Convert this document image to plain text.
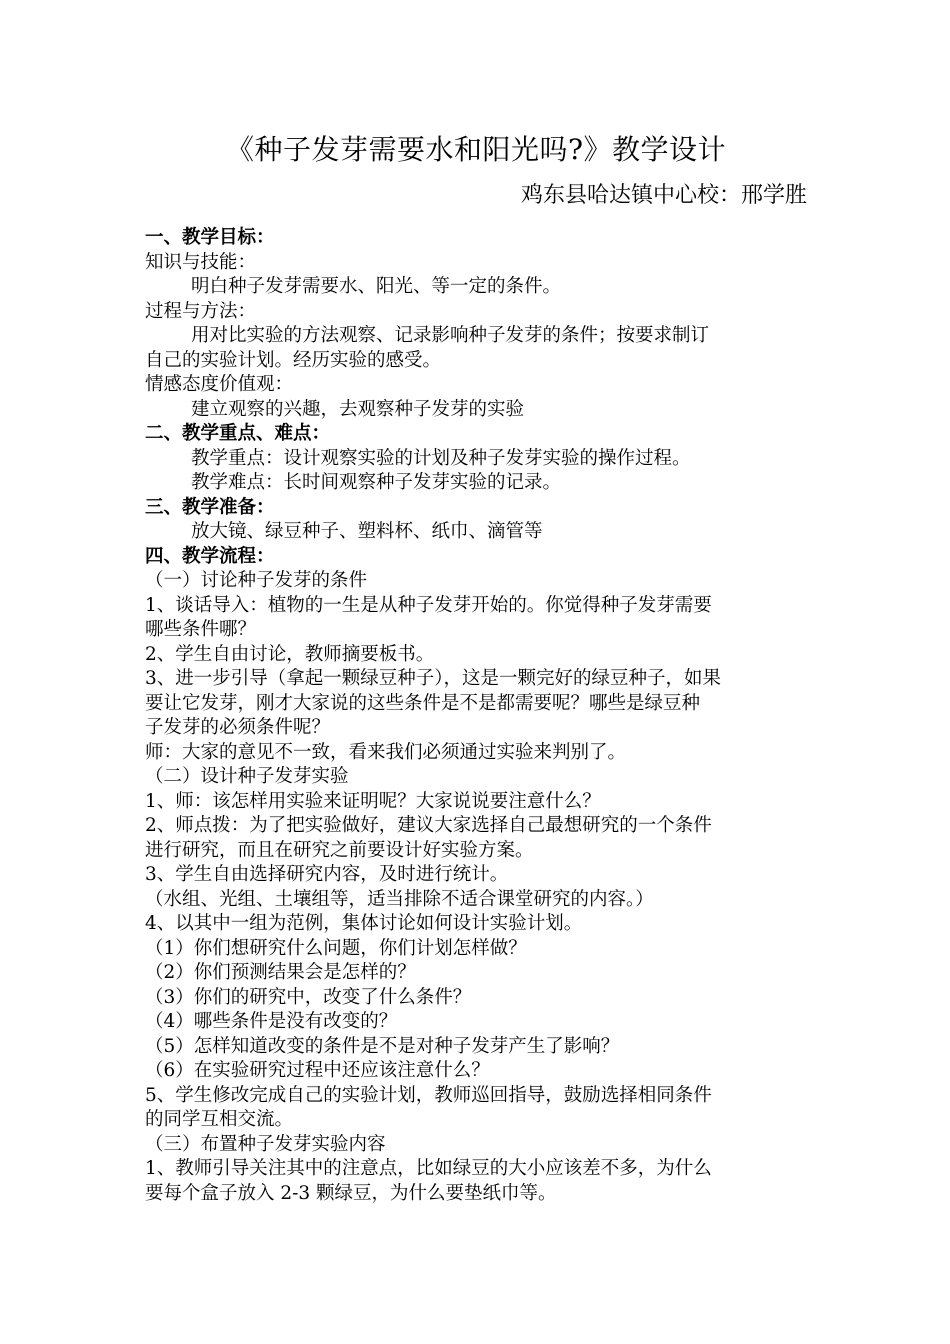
《种子发芽需要水和阳光吗?》教学设计
鸡东县哈达镇中心校：邢学胜
一、教学目标：
知识与技能：
明白种子发芽需要水、阳光、等一定的条件。
过程与方法：
用对比实验的方法观察、记录影响种子发芽的条件；按要求制订
自己的实验计划。经历实验的感受。
情感态度价值观：
建立观察的兴趣，去观察种子发芽的实验
二、教学重点、难点：
教学重点：设计观察实验的计划及种子发芽实验的操作过程。
教学难点：长时间观察种子发芽实验的记录。
三、教学准备：
放大镜、绿豆种子、塑料杯、纸巾、滴管等
四、教学流程：
（一）讨论种子发芽的条件
1、谈话导入：植物的一生是从种子发芽开始的。你觉得种子发芽需要
哪些条件哪？
2、学生自由讨论，教师摘要板书。
3、进一步引导（拿起一颗绿豆种子），这是一颗完好的绿豆种子，如果
要让它发芽，刚才大家说的这些条件是不是都需要呢？哪些是绿豆种
子发芽的必须条件呢？
师：大家的意见不一致，看来我们必须通过实验来判别了。
（二）设计种子发芽实验
1、师：该怎样用实验来证明呢？大家说说要注意什么？
2、师点拨：为了把实验做好，建议大家选择自己最想研究的一个条件
进行研究，而且在研究之前要设计好实验方案。
3、学生自由选择研究内容，及时进行统计。
（水组、光组、土壤组等，适当排除不适合课堂研究的内容。）
4、以其中一组为范例，集体讨论如何设计实验计划。
（1）你们想研究什么问题，你们计划怎样做？
（2）你们预测结果会是怎样的？
（3）你们的研究中，改变了什么条件？
（4）哪些条件是没有改变的？
（5）怎样知道改变的条件是不是对种子发芽产生了影响？
（6）在实验研究过程中还应该注意什么？
5、学生修改完成自己的实验计划，教师巡回指导，鼓励选择相同条件
的同学互相交流。
（三）布置种子发芽实验内容
1、教师引导关注其中的注意点，比如绿豆的大小应该差不多，为什么
要每个盒子放入 2-3 颗绿豆，为什么要垫纸巾等。
